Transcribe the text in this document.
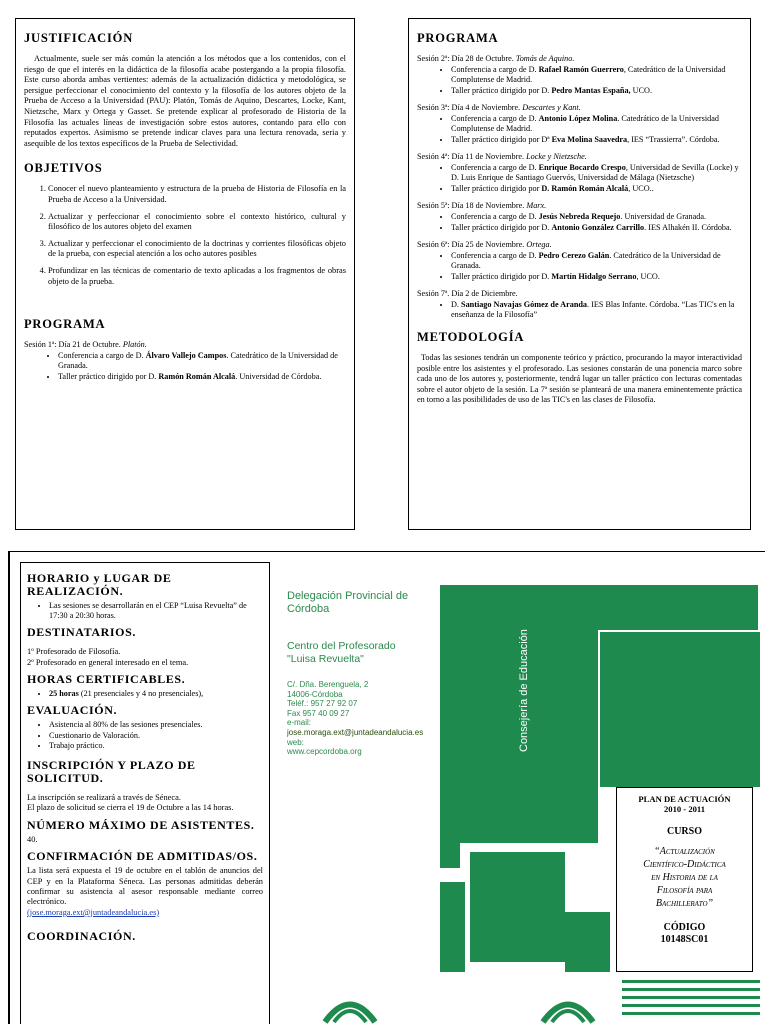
JUSTIFICACIÓN

Actualmente, suele ser más común la atención a los métodos que a los contenidos, con el riesgo de que el interés en la didáctica de la filosofía acabe postergando a la propia filosofía. Este curso aborda ambas vertientes: además de la actualización didáctica y metodológica, se persigue perfeccionar el conocimiento del contexto y la filosofía de los autores objeto de la Prueba de Acceso a la Universidad (PAU): Platón, Tomás de Aquino, Descartes, Locke, Kant, Nietzsche, Marx y Ortega y Gasset. Se pretende explicar al profesorado de Historia de la Filosofía las actuales líneas de investigación sobre estos autores, contando para ello con reputados expertos. Asimismo se pretende indicar claves para una lectura renovada, seria y asequible de los textos específicos de la Prueba de Selectividad.

OBJETIVOS
1. Conocer el nuevo planteamiento y estructura de la prueba de Historia de Filosofía en la Prueba de Acceso a la Universidad.
2. Actualizar y perfeccionar el conocimiento sobre el contexto histórico, cultural y filosófico de los autores objeto del examen
3. Actualizar y perfeccionar el conocimiento de la doctrinas y corrientes filosóficas objeto de la prueba, con especial atención a los ocho autores posibles
4. Profundizar en las técnicas de comentario de texto aplicadas a los fragmentos de obras objeto de la prueba.
PROGRAMA
Sesión 1ª: Día 21 de Octubre. Platón.
• Conferencia a cargo de D. Álvaro Vallejo Campos. Catedrático de la Universidad de Granada.
• Taller práctico dirigido por D. Ramón Román Alcalá. Universidad de Córdoba.
PROGRAMA
Sesión 2ª: Día 28 de Octubre. Tomás de Aquino.
• Conferencia a cargo de D. Rafael Ramón Guerrero, Catedrático de la Universidad Complutense de Madrid.
• Taller práctico dirigido por D. Pedro Mantas España, UCO.
Sesión 3ª: Día 4 de Noviembre. Descartes y Kant.
• Conferencia a cargo de D. Antonio López Molina. Catedrático de la Universidad Complutense de Madrid.
• Taller práctico dirigido por Dª Eva Molina Saavedra, IES “Trassierra”. Córdoba.
Sesión 4ª: Día 11 de Noviembre. Locke y Nietzsche.
• Conferencia a cargo de D. Enrique Bocardo Crespo, Universidad de Sevilla (Locke) y D. Luis Enrique de Santiago Guervós, Universidad de Málaga (Nietzsche)
• Taller práctico dirigido por D. Ramón Román Alcalá, UCO..
Sesión 5ª: Día 18 de Noviembre. Marx.
• Conferencia a cargo de D. Jesús Nebreda Requejo. Universidad de Granada.
• Taller práctico dirigido por D. Antonio González Carrillo. IES Alhakén II. Córdoba.
Sesión 6ª: Día 25 de Noviembre. Ortega.
• Conferencia a cargo de D. Pedro Cerezo Galán. Catedrático de la Universidad de Granada.
• Taller práctico dirigido por D. Martín Hidalgo Serrano, UCO.
Sesión 7ª. Día 2 de Diciembre.
• D. Santiago Navajas Gómez de Aranda. IES Blas Infante. Córdoba. “Las TIC's en la enseñanza de la Filosofía”
METODOLOGÍA

Todas las sesiones tendrán un componente teórico y práctico, procurando la mayor interactividad posible entre los asistentes y el profesorado. Las sesiones constarán de una ponencia marco sobre cada uno de los autores y, posteriormente, tendrá lugar un taller práctico con lecturas comentadas sobre el autor objeto de la sesión. La 7ª sesión se planteará de una manera eminentemente práctica en torno a las posibilidades de uso de las TIC's en las clases de Filosofía.

HORARIO y LUGAR DE REALIZACIÓN.
• Las sesiones se desarrollarán en el CEP “Luisa Revuelta” de 17:30 a 20:30 horas.
DESTINATARIOS.

1º Profesorado de Filosofía.

2º Profesorado en general interesado en el tema.

HORAS CERTIFICABLES.
• 25 horas (21 presenciales y 4 no presenciales),
EVALUACIÓN.
• Asistencia al 80% de las sesiones presenciales.
• Cuestionario de Valoración.
• Trabajo práctico.
INSCRIPCIÓN Y PLAZO DE SOLICITUD.

La inscripción se realizará a través de Séneca.

El plazo de solicitud se cierra el 19 de Octubre a las 14 horas.

NÚMERO MÁXIMO DE ASISTENTES.

40.

CONFIRMACIÓN DE ADMITIDAS/OS.

La lista será expuesta el 19 de octubre en el tablón de anuncios del CEP y en la Plataforma Séneca. Las personas admitidas deberán confirmar su asistencia al asesor responsable mediante correo electrónico.

(jose.moraga.ext@juntadeandalucia.es)

COORDINACIÓN.
Delegación Provincial de
Córdoba
Centro del Profesorado
"Luisa Revuelta"
C/. Dña. Berenguela, 2
14006-Córdoba
Teléf.: 957 27 92 07
Fax 957 40 09 27
e-mail:
jose.moraga.ext@juntadeandalucia.es
web:
www.cepcordoba.org	Consejería de Educación

PLAN DE ACTUACIÓN

2010 - 2011

CURSO

“Actualización
Científico-Didáctica
en Historia de la
Filosofía para
Bachillerato”

CÓDIGO

10148SC01
